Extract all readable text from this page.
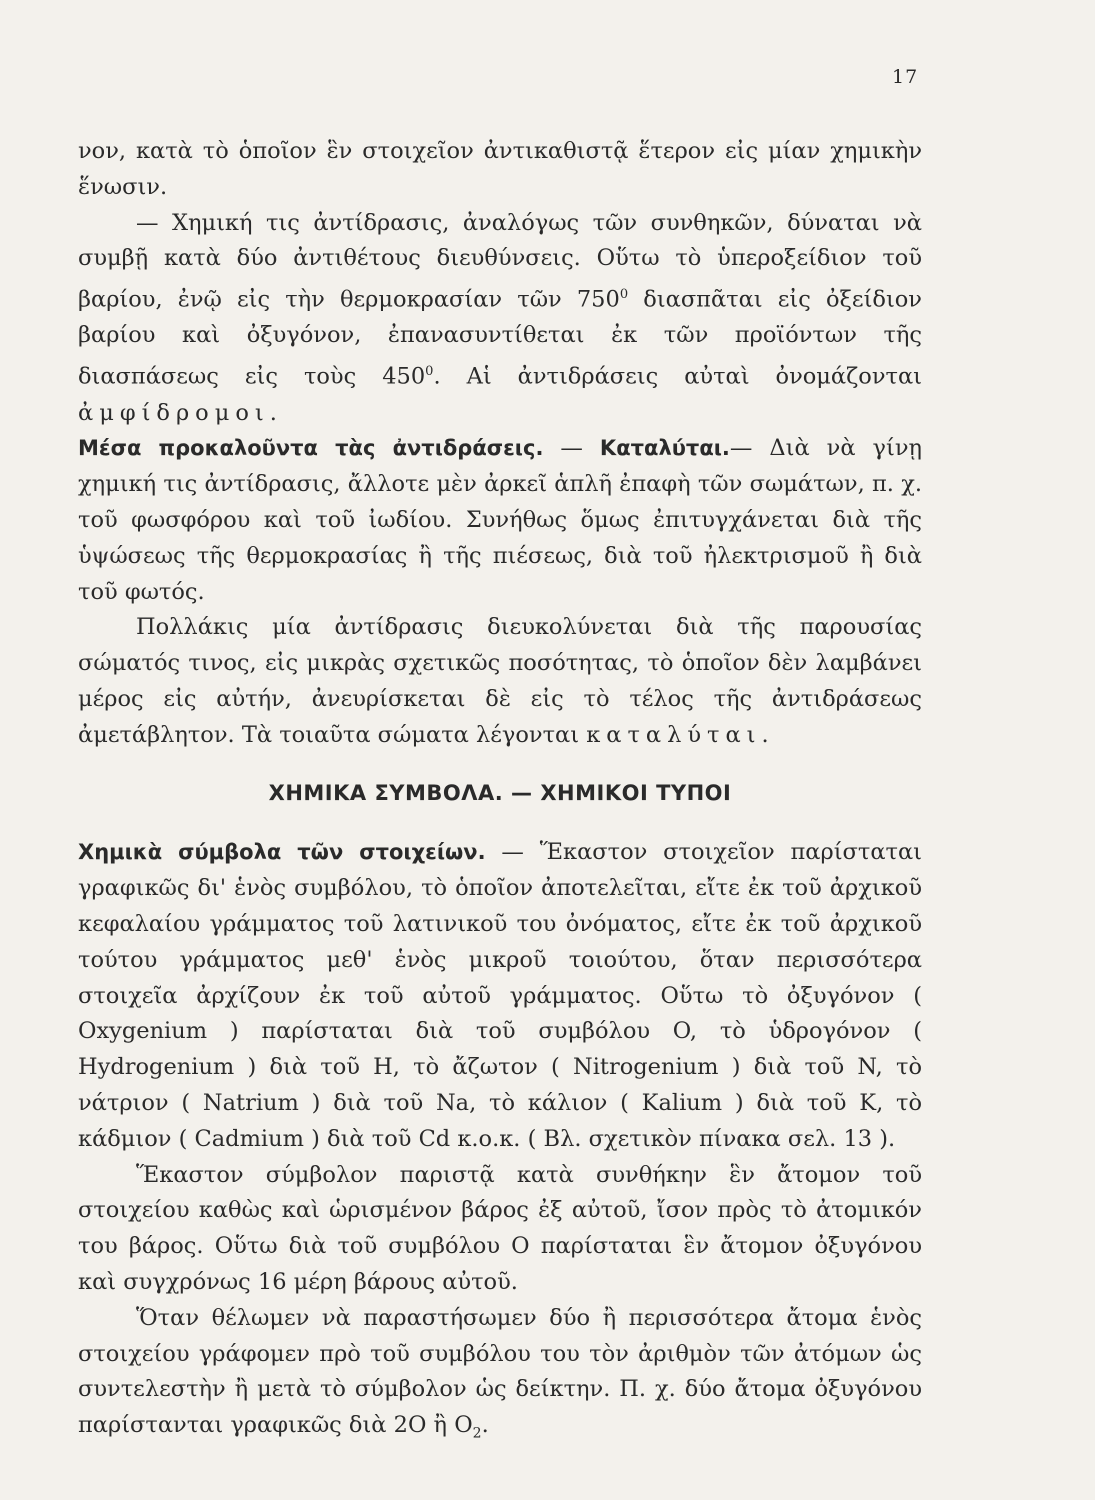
17

νον, κατὰ τὸ ὁποῖον ἓν στοιχεῖον ἀντικαθιστᾷ ἕτερον εἰς μίαν χημικὴν ἕνωσιν.

— Χημική τις ἀντίδρασις, ἀναλόγως τῶν συνθηκῶν, δύναται νὰ συμβῇ κατὰ δύο ἀντιθέτους διευθύνσεις. Οὕτω τὸ ὑπεροξείδιον τοῦ βαρίου, ἐνῷ εἰς τὴν θερμοκρασίαν τῶν $750^0$ διασπᾶται εἰς ὀξείδιον βαρίου καὶ ὀξυγόνον, ἐπανασυντίθεται ἐκ τῶν προϊόντων τῆς διασπάσεως εἰς τοὺς $450^0$. Αἱ ἀντιδράσεις αὐταὶ ὀνομάζονται ἀμφίδρομοι.

Μέσα προκαλοῦντα τὰς ἀντιδράσεις. — Καταλύται.— Διὰ νὰ γίνῃ χημική τις ἀντίδρασις, ἄλλοτε μὲν ἀρκεῖ ἁπλῆ ἐπαφὴ τῶν σωμάτων, π. χ. τοῦ φωσφόρου καὶ τοῦ ἰωδίου. Συνήθως ὅμως ἐπιτυγχάνεται διὰ τῆς ὑψώσεως τῆς θερμοκρασίας ἢ τῆς πιέσεως, διὰ τοῦ ἠλεκτρισμοῦ ἢ διὰ τοῦ φωτός.

Πολλάκις μία ἀντίδρασις διευκολύνεται διὰ τῆς παρουσίας σώματός τινος, εἰς μικρὰς σχετικῶς ποσότητας, τὸ ὁποῖον δὲν λαμβάνει μέρος εἰς αὐτήν, ἀνευρίσκεται δὲ εἰς τὸ τέλος τῆς ἀντιδράσεως ἀμετάβλητον. Τὰ τοιαῦτα σώματα λέγονται καταλύται.

ΧΗΜΙΚΑ ΣΥΜΒΟΛΑ. — ΧΗΜΙΚΟΙ ΤΥΠΟΙ

Χημικὰ σύμβολα τῶν στοιχείων. — Ἕκαστον στοιχεῖον παρίσταται γραφικῶς δι' ἑνὸς συμβόλου, τὸ ὁποῖον ἀποτελεῖται, εἴτε ἐκ τοῦ ἀρχικοῦ κεφαλαίου γράμματος τοῦ λατινικοῦ του ὀνόματος, εἴτε ἐκ τοῦ ἀρχικοῦ τούτου γράμματος μεθ' ἑνὸς μικροῦ τοιούτου, ὅταν περισσότερα στοιχεῖα ἀρχίζουν ἐκ τοῦ αὐτοῦ γράμματος. Οὕτω τὸ ὀξυγόνον ( Oxygenium ) παρίσταται διὰ τοῦ συμβόλου O, τὸ ὑδρογόνον ( Hydrogenium ) διὰ τοῦ H, τὸ ἄζωτον ( Nitrogenium ) διὰ τοῦ N, τὸ νάτριον ( Natrium ) διὰ τοῦ Na, τὸ κάλιον ( Kalium ) διὰ τοῦ K, τὸ κάδμιον ( Cadmium ) διὰ τοῦ Cd κ.ο.κ. ( Βλ. σχετικὸν πίνακα σελ. 13 ).

Ἕκαστον σύμβολον παριστᾷ κατὰ συνθήκην ἓν ἄτομον τοῦ στοιχείου καθὼς καὶ ὡρισμένον βάρος ἐξ αὐτοῦ, ἴσον πρὸς τὸ ἀτομικόν του βάρος. Οὕτω διὰ τοῦ συμβόλου O παρίσταται ἓν ἄτομον ὀξυγόνου καὶ συγχρόνως 16 μέρη βάρους αὐτοῦ.

Ὅταν θέλωμεν νὰ παραστήσωμεν δύο ἢ περισσότερα ἄτομα ἑνὸς στοιχείου γράφομεν πρὸ τοῦ συμβόλου του τὸν ἀριθμὸν τῶν ἀτόμων ὡς συντελεστὴν ἢ μετὰ τὸ σύμβολον ὡς δείκτην. Π. χ. δύο ἄτομα ὀξυγόνου παρίστανται γραφικῶς διὰ 2O ἢ $O_2$.
